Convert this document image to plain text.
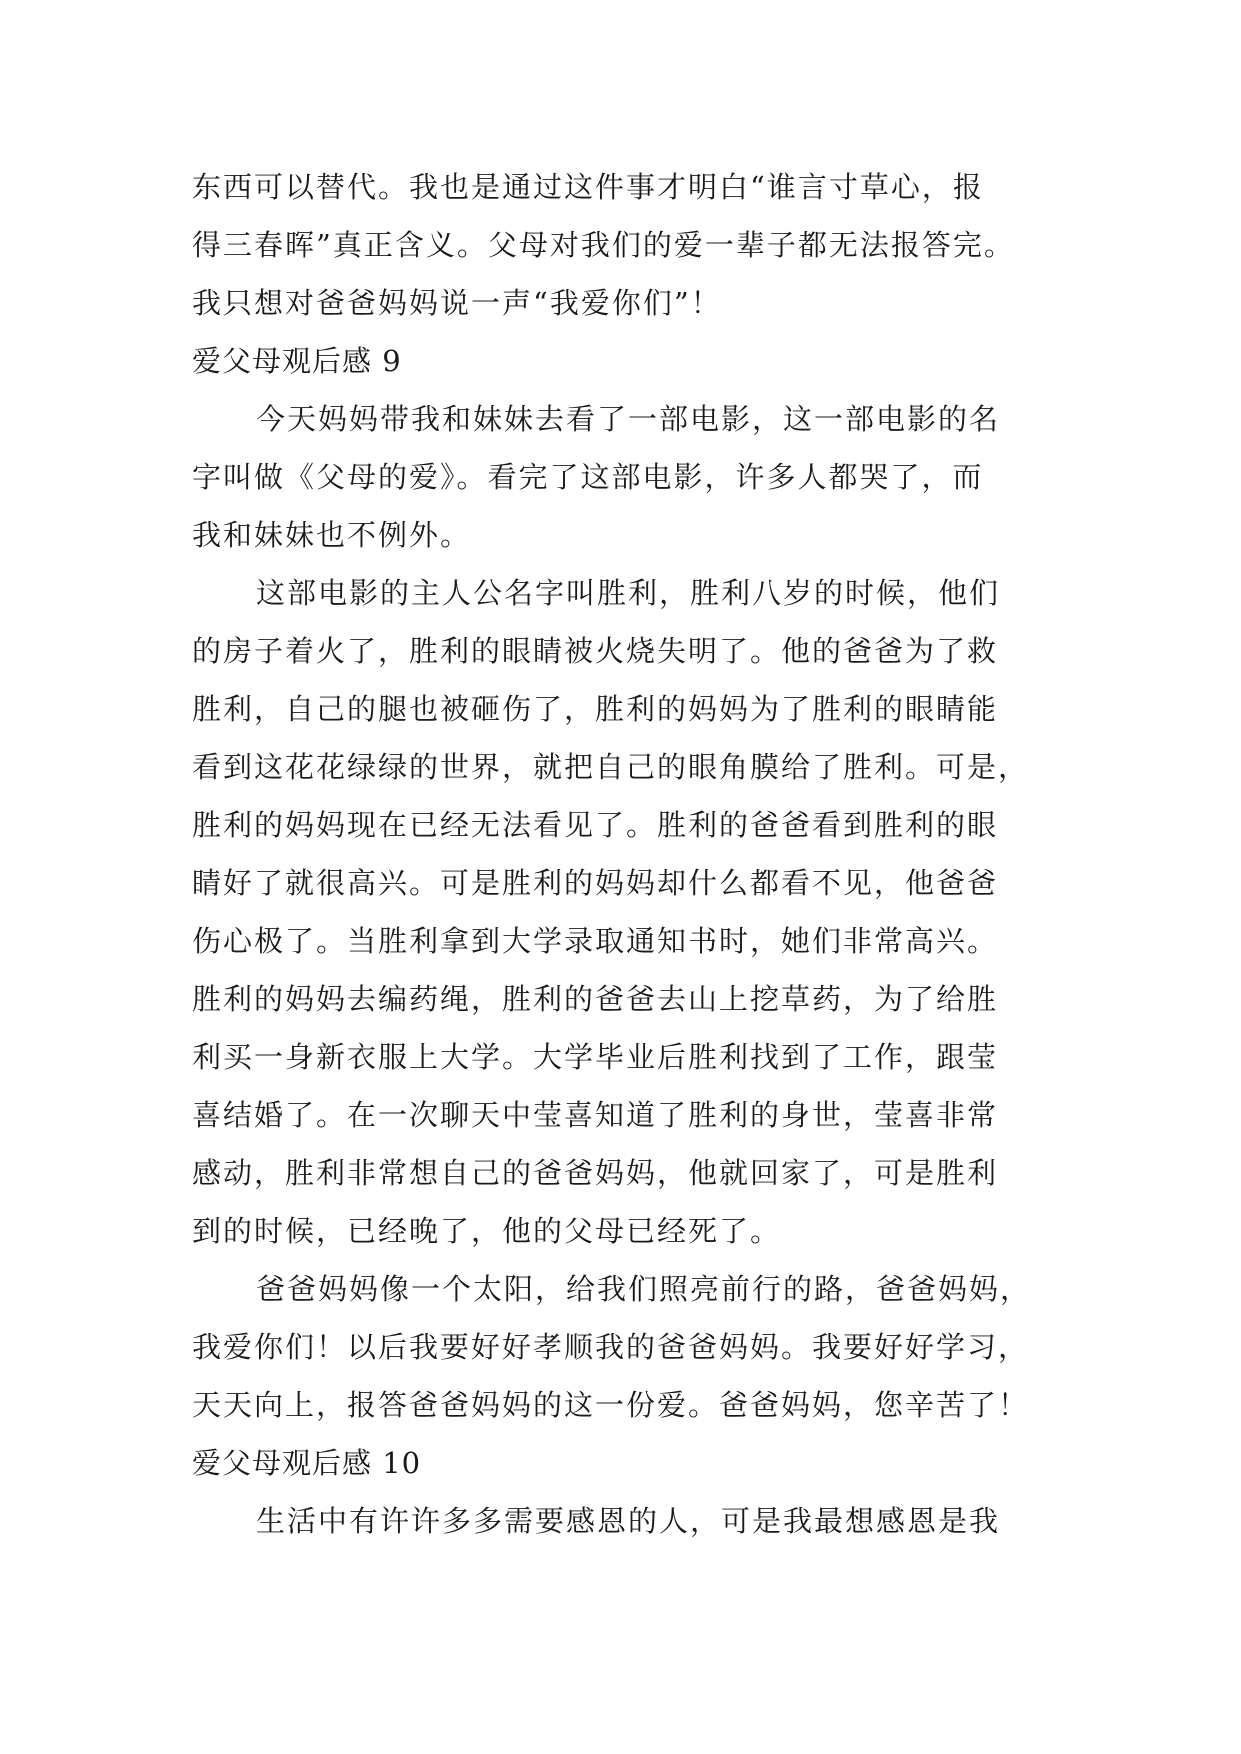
东西可以替代。我也是通过这件事才明白“谁言寸草心，报
得三春晖”真正含义。父母对我们的爱一辈子都无法报答完。
我只想对爸爸妈妈说一声“我爱你们”！
爱父母观后感 9
今天妈妈带我和妹妹去看了一部电影，这一部电影的名
字叫做《父母的爱》。看完了这部电影，许多人都哭了，而
我和妹妹也不例外。
这部电影的主人公名字叫胜利，胜利八岁的时候，他们
的房子着火了，胜利的眼睛被火烧失明了。他的爸爸为了救
胜利，自己的腿也被砸伤了，胜利的妈妈为了胜利的眼睛能
看到这花花绿绿的世界，就把自己的眼角膜给了胜利。可是，
胜利的妈妈现在已经无法看见了。胜利的爸爸看到胜利的眼
睛好了就很高兴。可是胜利的妈妈却什么都看不见，他爸爸
伤心极了。当胜利拿到大学录取通知书时，她们非常高兴。
胜利的妈妈去编药绳，胜利的爸爸去山上挖草药，为了给胜
利买一身新衣服上大学。大学毕业后胜利找到了工作，跟莹
喜结婚了。在一次聊天中莹喜知道了胜利的身世，莹喜非常
感动，胜利非常想自己的爸爸妈妈，他就回家了，可是胜利
到的时候，已经晚了，他的父母已经死了。
爸爸妈妈像一个太阳，给我们照亮前行的路，爸爸妈妈，
我爱你们！以后我要好好孝顺我的爸爸妈妈。我要好好学习，
天天向上，报答爸爸妈妈的这一份爱。爸爸妈妈，您辛苦了！
爱父母观后感 10
生活中有许许多多需要感恩的人，可是我最想感恩是我
